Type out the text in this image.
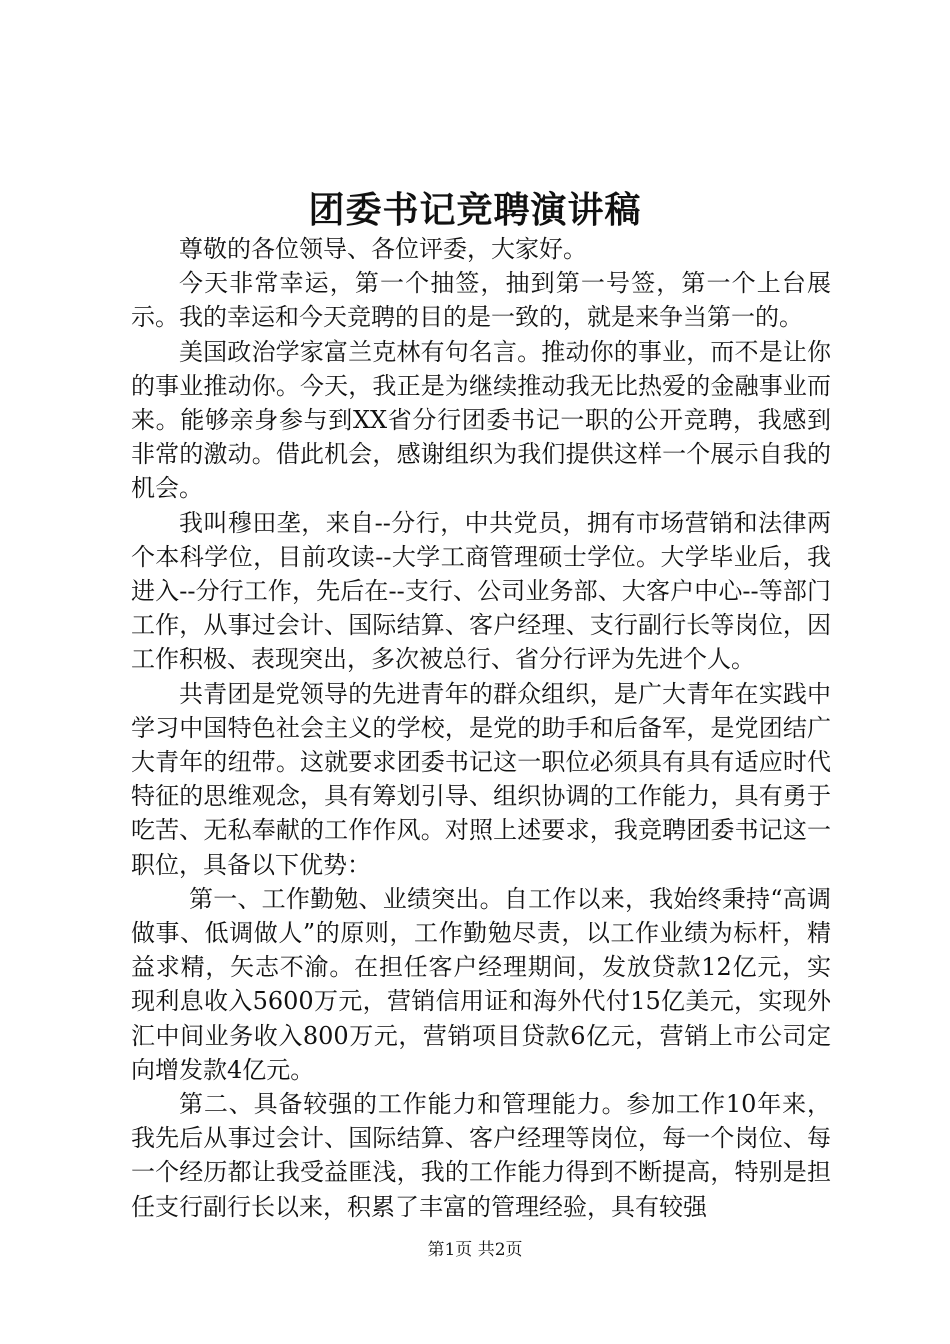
团委书记竞聘演讲稿

尊敬的各位领导、各位评委，大家好。

今天非常幸运，第一个抽签，抽到第一号签，第一个上台展示。我的幸运和今天竞聘的目的是一致的，就是来争当第一的。

美国政治学家富兰克林有句名言。推动你的事业，而不是让你的事业推动你。今天，我正是为继续推动我无比热爱的金融事业而来。能够亲身参与到XX省分行团委书记一职的公开竞聘，我感到非常的激动。借此机会，感谢组织为我们提供这样一个展示自我的机会。

我叫穆田垄，来自--分行，中共党员，拥有市场营销和法律两个本科学位，目前攻读--大学工商管理硕士学位。大学毕业后，我进入--分行工作，先后在--支行、公司业务部、大客户中心--等部门工作，从事过会计、国际结算、客户经理、支行副行长等岗位，因工作积极、表现突出，多次被总行、省分行评为先进个人。

共青团是党领导的先进青年的群众组织，是广大青年在实践中学习中国特色社会主义的学校，是党的助手和后备军，是党团结广大青年的纽带。这就要求团委书记这一职位必须具有具有适应时代特征的思维观念，具有筹划引导、组织协调的工作能力，具有勇于吃苦、无私奉献的工作作风。对照上述要求，我竞聘团委书记这一职位，具备以下优势：

第一、工作勤勉、业绩突出。自工作以来，我始终秉持“高调做事、低调做人”的原则，工作勤勉尽责，以工作业绩为标杆，精益求精，矢志不渝。在担任客户经理期间，发放贷款12亿元，实现利息收入5600万元，营销信用证和海外代付15亿美元，实现外汇中间业务收入800万元，营销项目贷款6亿元，营销上市公司定向增发款4亿元。

第二、具备较强的工作能力和管理能力。参加工作10年来，我先后从事过会计、国际结算、客户经理等岗位，每一个岗位、每一个经历都让我受益匪浅，我的工作能力得到不断提高，特别是担任支行副行长以来，积累了丰富的管理经验，具有较强

第1页 共2页
